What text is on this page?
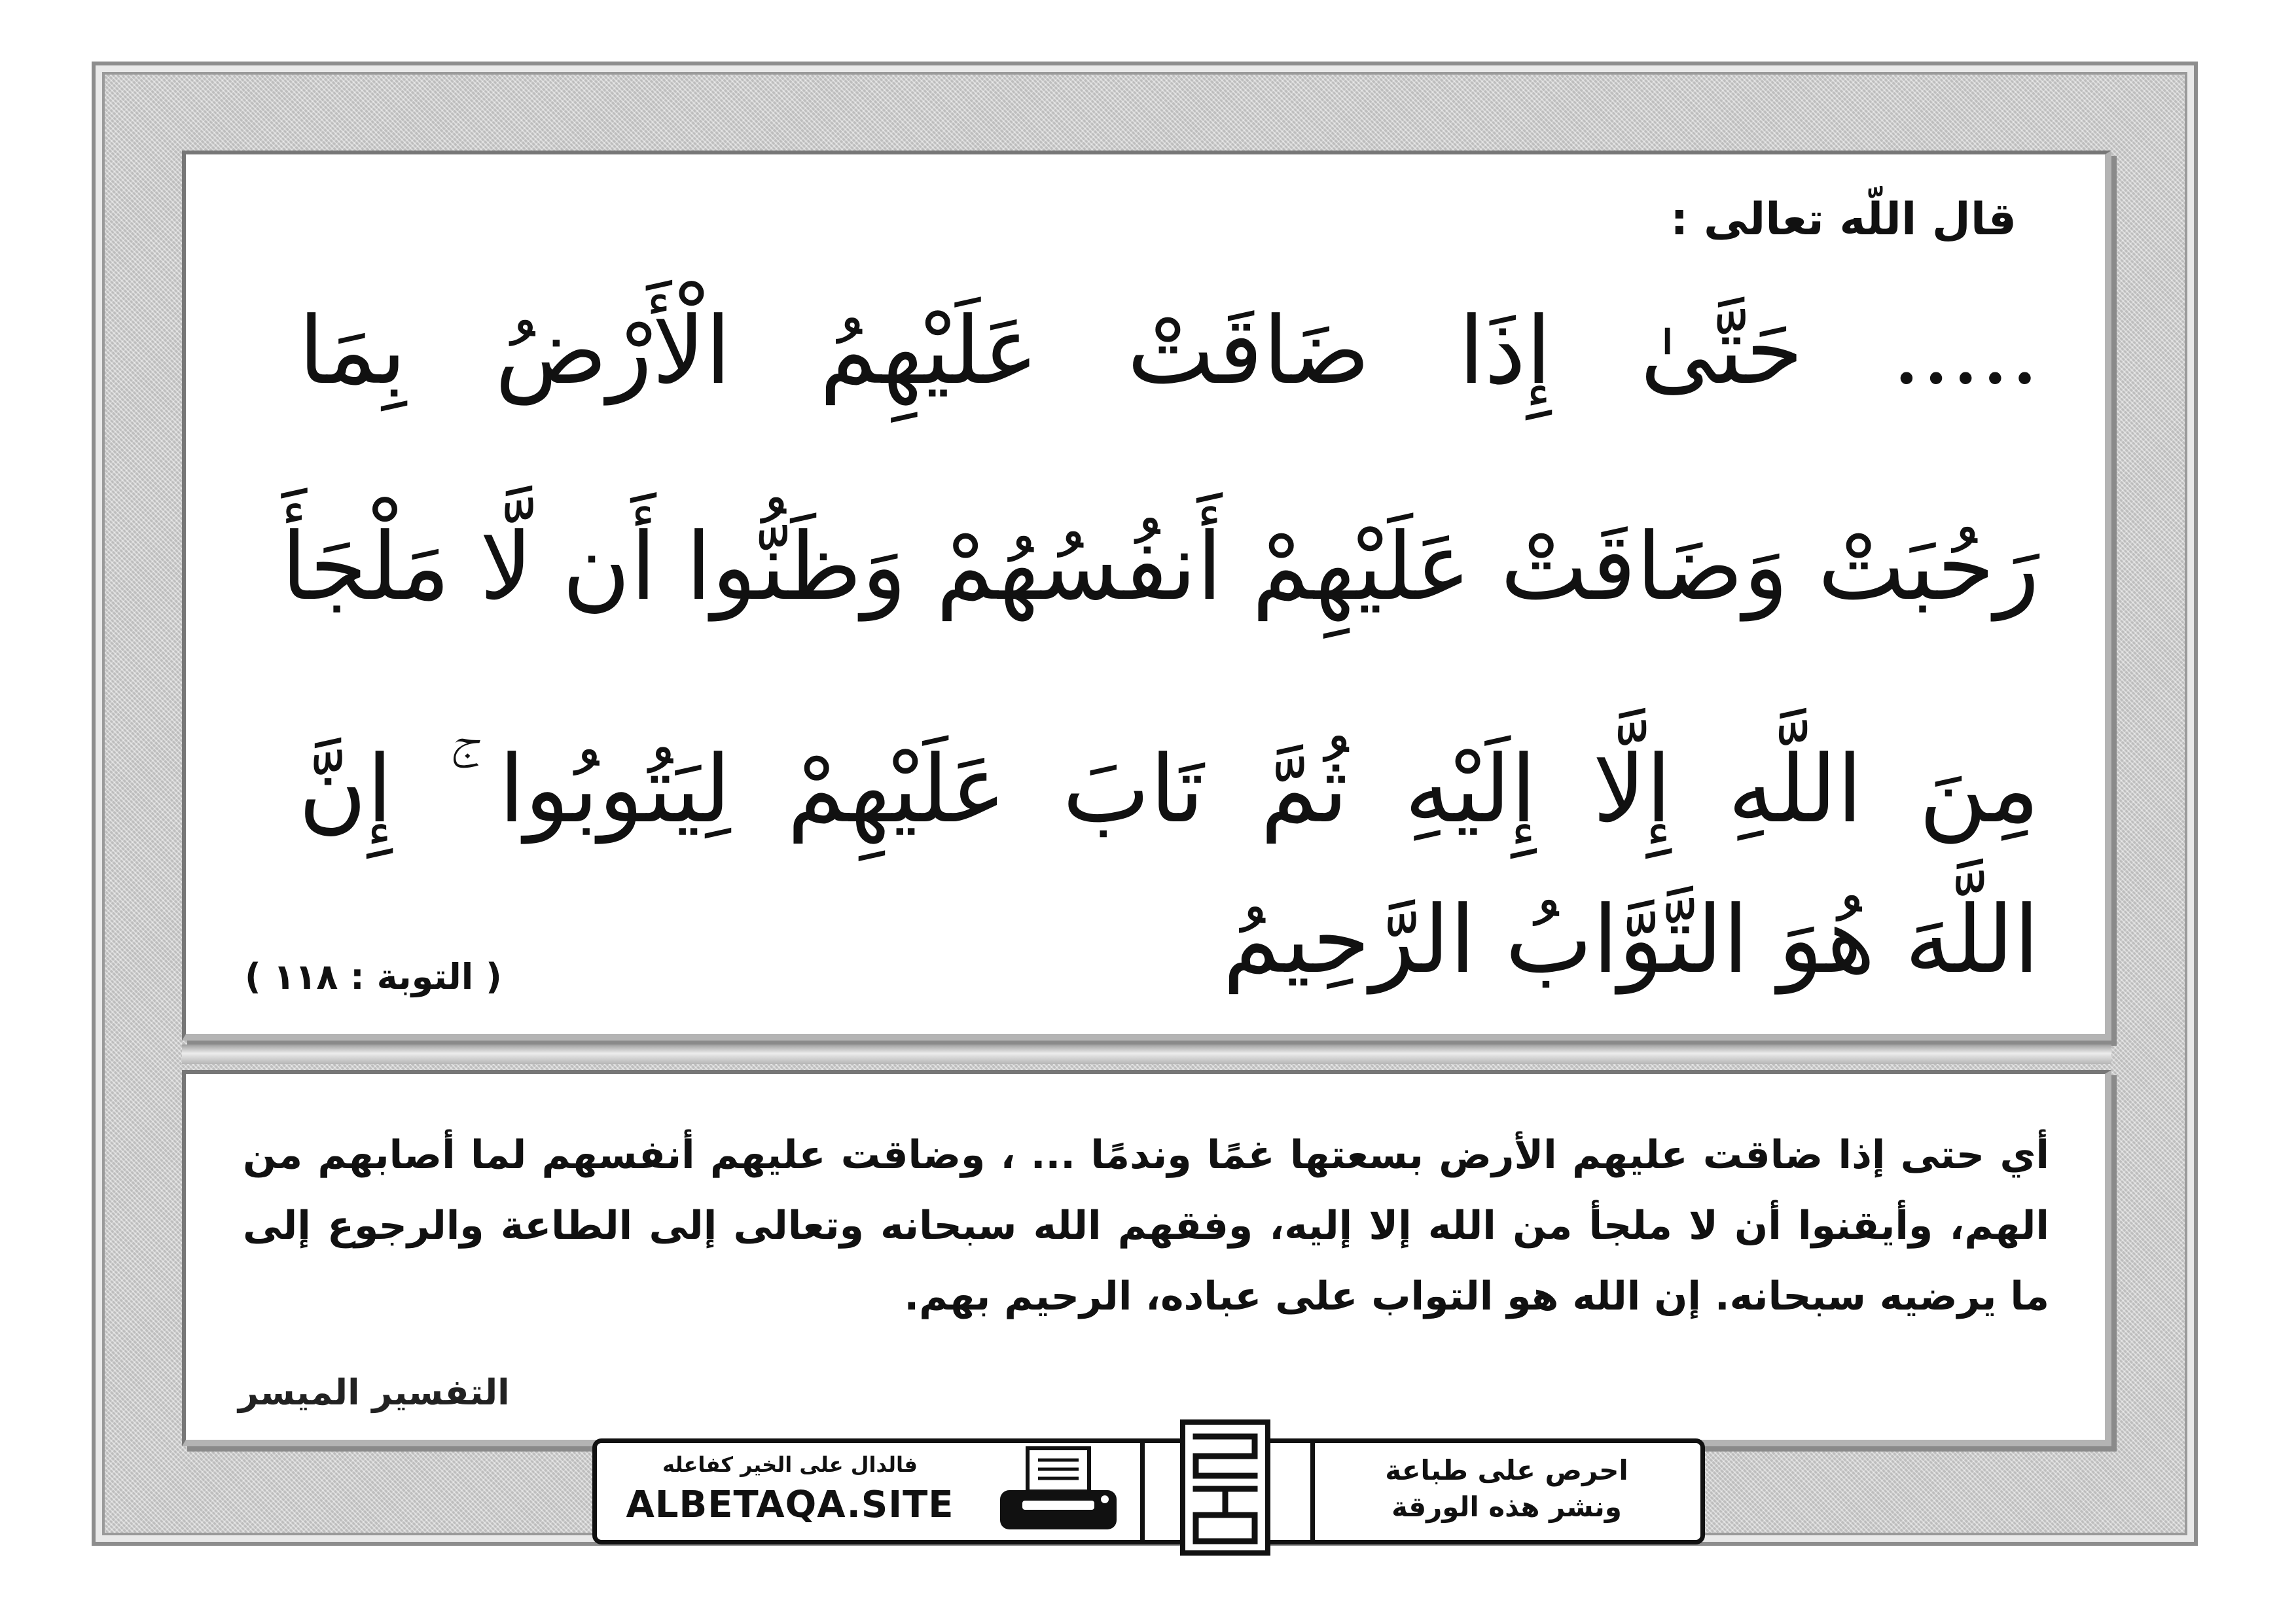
قال اللّه تعالى :

..... حَتَّىٰ إِذَا ضَاقَتْ عَلَيْهِمُ الْأَرْضُ بِمَا

رَحُبَتْ وَضَاقَتْ عَلَيْهِمْ أَنفُسُهُمْ وَظَنُّوا أَن لَّا مَلْجَأَ

مِنَ اللَّهِ إِلَّا إِلَيْهِ ثُمَّ تَابَ عَلَيْهِمْ لِيَتُوبُوا ۚ إِنَّ

اللَّهَ هُوَ التَّوَّابُ الرَّحِيمُ

( التوبة : ١١٨ )

أي حتى إذا ضاقت عليهم الأرض بسعتها غمًا وندمًا ... ، وضاقت عليهم أنفسهم لما أصابهم من الهم، وأيقنوا أن لا ملجأ من الله إلا إليه، وفقهم الله سبحانه وتعالى إلى الطاعة والرجوع إلى ما يرضيه سبحانه. إن الله هو التواب على عباده، الرحيم بهم.

التفسير الميسر

فالدال على الخير كفاعله

ALBETAQA.SITE

احرص على طباعة

ونشر هذه الورقة
